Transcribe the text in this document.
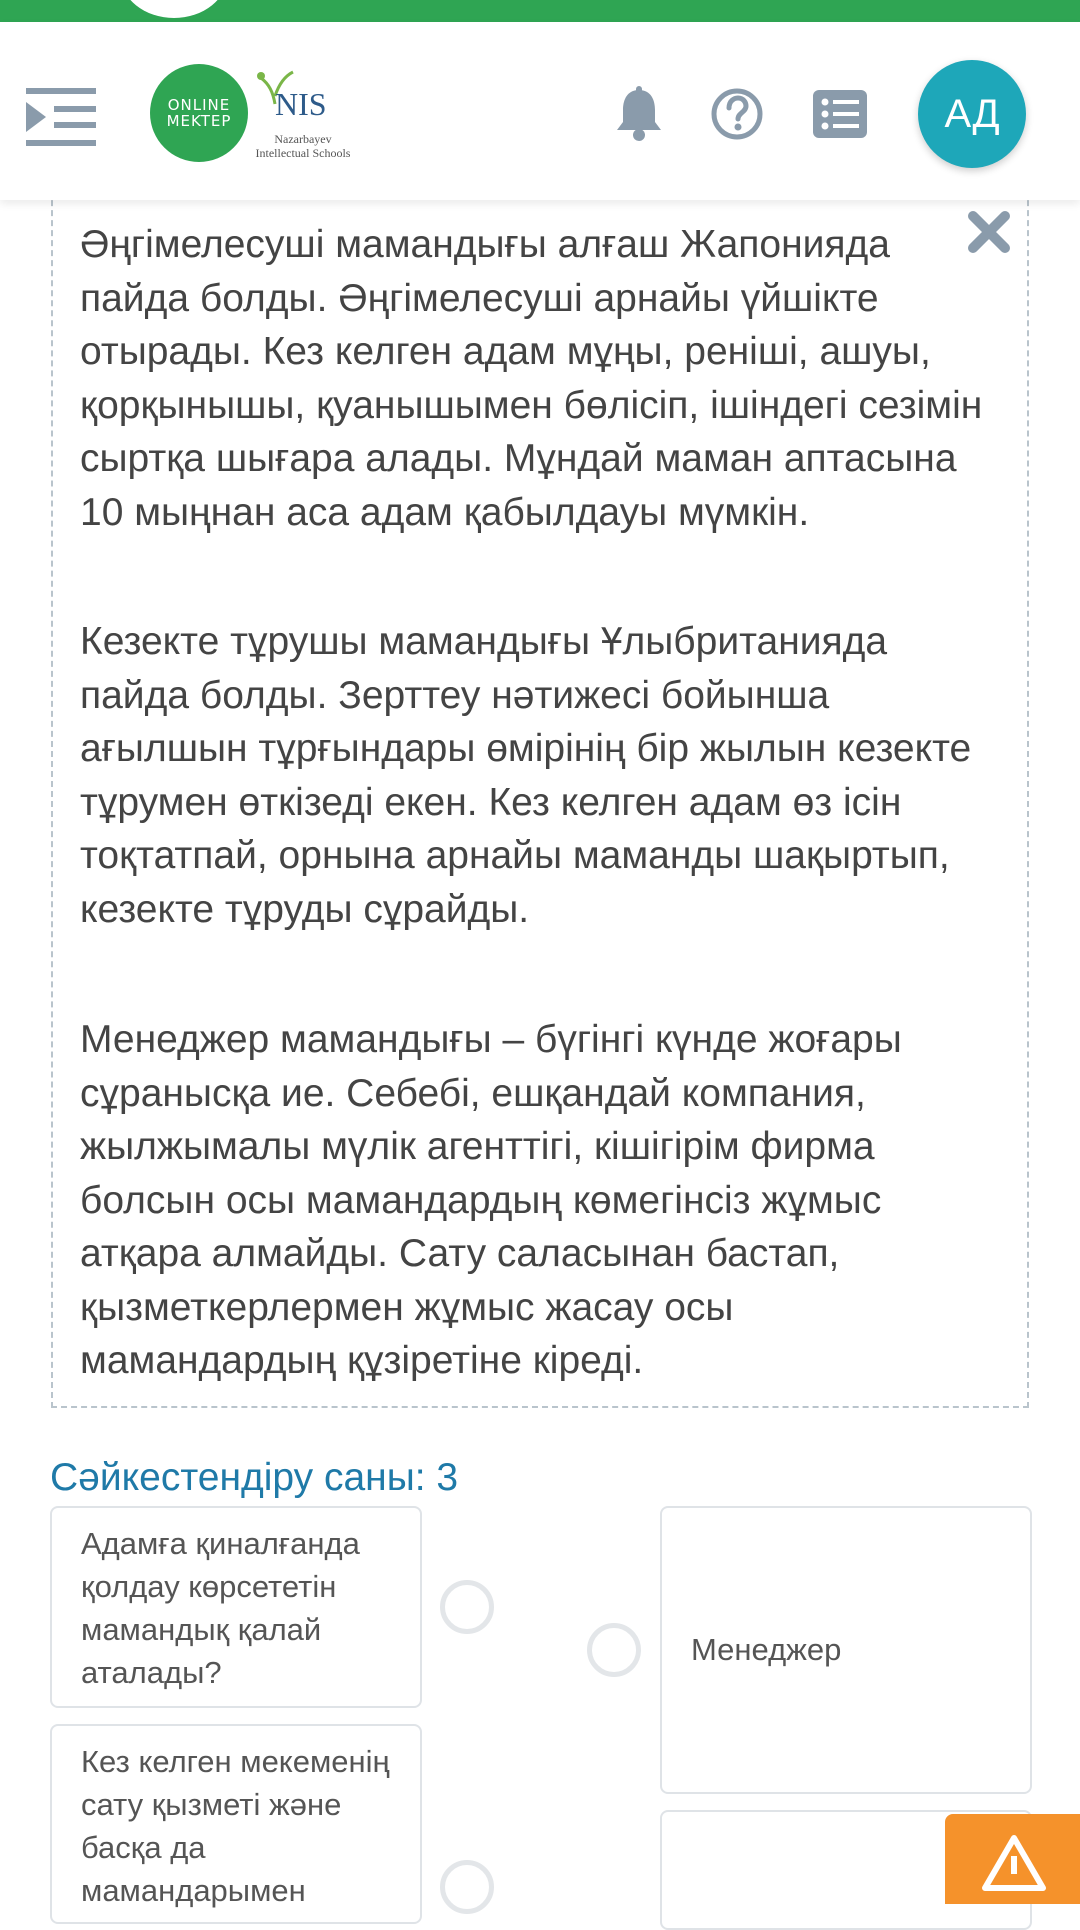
ONLINE
MEKTEP NIS
Nazarbayev Intellectual Schools
АД

Әңгімелесуші мамандығы алғаш Жапонияда пайда болды. Әңгімелесуші арнайы үйшікте отырады. Кез келген адам мұңы, реніші, ашуы, қорқынышы, қуанышымен бөлісіп, ішіндегі сезімін сыртқа шығара алады. Мұндай маман аптасына 10 мыңнан аса адам қабылдауы мүмкін.

Кезекте тұрушы мамандығы Ұлыбританияда пайда болды. Зерттеу нәтижесі бойынша ағылшын тұрғындары өмірінің бір жылын кезекте тұрумен өткізеді екен. Кез келген адам өз ісін тоқтатпай, орнына арнайы маманды шақыртып, кезекте тұруды сұрайды.

Менеджер мамандығы – бүгінгі күнде жоғары сұранысқа ие. Себебі, ешқандай компания, жылжымалы мүлік агенттігі, кішігірім фирма болсын осы мамандардың көмегінсіз жұмыс атқара алмайды. Сату саласынан бастап, қызметкерлермен жұмыс жасау осы мамандардың құзіретіне кіреді.

Сәйкестендіру саны: 3
Адамға қиналғанда қолдау көрсететін мамандық қалай аталады?
Кез келген мекеменің сату қызметі және басқа да мамандарымен
Менеджер
